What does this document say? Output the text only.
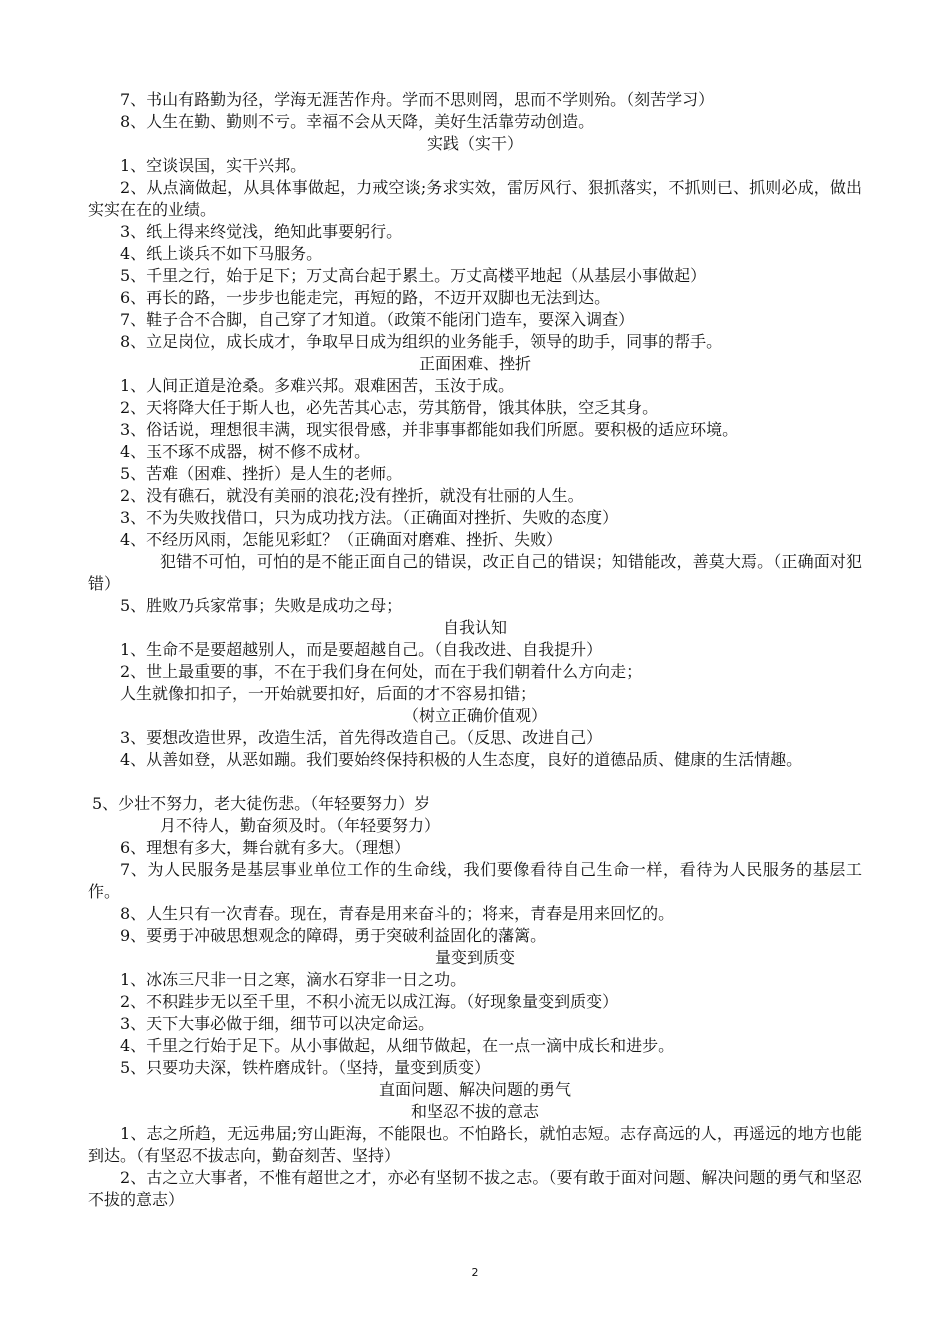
7、书山有路勤为径，学海无涯苦作舟。学而不思则罔，思而不学则殆。（刻苦学习）
8、人生在勤、勤则不亏。幸福不会从天降，美好生活靠劳动创造。
实践（实干）
1、空谈误国，实干兴邦。
2、从点滴做起，从具体事做起，力戒空谈;务求实效，雷厉风行、狠抓落实，不抓则已、抓则必成，做出实实在在的业绩。
3、纸上得来终觉浅，绝知此事要躬行。
4、纸上谈兵不如下马服务。
5、千里之行，始于足下；万丈高台起于累土。万丈高楼平地起（从基层小事做起）
6、再长的路，一步步也能走完，再短的路，不迈开双脚也无法到达。
7、鞋子合不合脚，自己穿了才知道。（政策不能闭门造车，要深入调查）
8、立足岗位，成长成才，争取早日成为组织的业务能手，领导的助手，同事的帮手。
正面困难、挫折
1、人间正道是沧桑。多难兴邦。艰难困苦，玉汝于成。
2、天将降大任于斯人也，必先苦其心志，劳其筋骨，饿其体肤，空乏其身。
3、俗话说，理想很丰满，现实很骨感，并非事事都能如我们所愿。要积极的适应环境。
4、玉不琢不成器，树不修不成材。
5、苦难（困难、挫折）是人生的老师。
2、没有礁石，就没有美丽的浪花;没有挫折，就没有壮丽的人生。
3、不为失败找借口，只为成功找方法。（正确面对挫折、失败的态度）
4、不经历风雨，怎能见彩虹？（正确面对磨难、挫折、失败）
犯错不可怕，可怕的是不能正面自己的错误，改正自己的错误；知错能改，善莫大焉。（正确面对犯错）
5、胜败乃兵家常事；失败是成功之母；
自我认知
1、生命不是要超越别人，而是要超越自己。（自我改进、自我提升）
2、世上最重要的事，不在于我们身在何处，而在于我们朝着什么方向走；
人生就像扣扣子，一开始就要扣好，后面的才不容易扣错；
（树立正确价值观）
3、要想改造世界，改造生活，首先得改造自己。（反思、改进自己）
4、从善如登，从恶如蹦。我们要始终保持积极的人生态度，良好的道德品质、健康的生活情趣。
5、少壮不努力，老大徒伤悲。（年轻要努力）岁
月不待人，勤奋须及时。（年轻要努力）
6、理想有多大，舞台就有多大。（理想）
7、为人民服务是基层事业单位工作的生命线，我们要像看待自己生命一样，看待为人民服务的基层工作。
8、人生只有一次青春。现在，青春是用来奋斗的；将来，青春是用来回忆的。
9、要勇于冲破思想观念的障碍，勇于突破利益固化的藩篱。
量变到质变
1、冰冻三尺非一日之寒，滴水石穿非一日之功。
2、不积跬步无以至千里，不积小流无以成江海。（好现象量变到质变）
3、天下大事必做于细，细节可以决定命运。
4、千里之行始于足下。从小事做起，从细节做起，在一点一滴中成长和进步。
5、只要功夫深，铁杵磨成针。（坚持，量变到质变）
直面问题、解决问题的勇气
和坚忍不拔的意志
1、志之所趋，无远弗届;穷山距海，不能限也。不怕路长，就怕志短。志存高远的人，再遥远的地方也能到达。（有坚忍不拔志向，勤奋刻苦、坚持）
2、古之立大事者，不惟有超世之才，亦必有坚韧不拔之志。（要有敢于面对问题、解决问题的勇气和坚忍不拔的意志）
2
